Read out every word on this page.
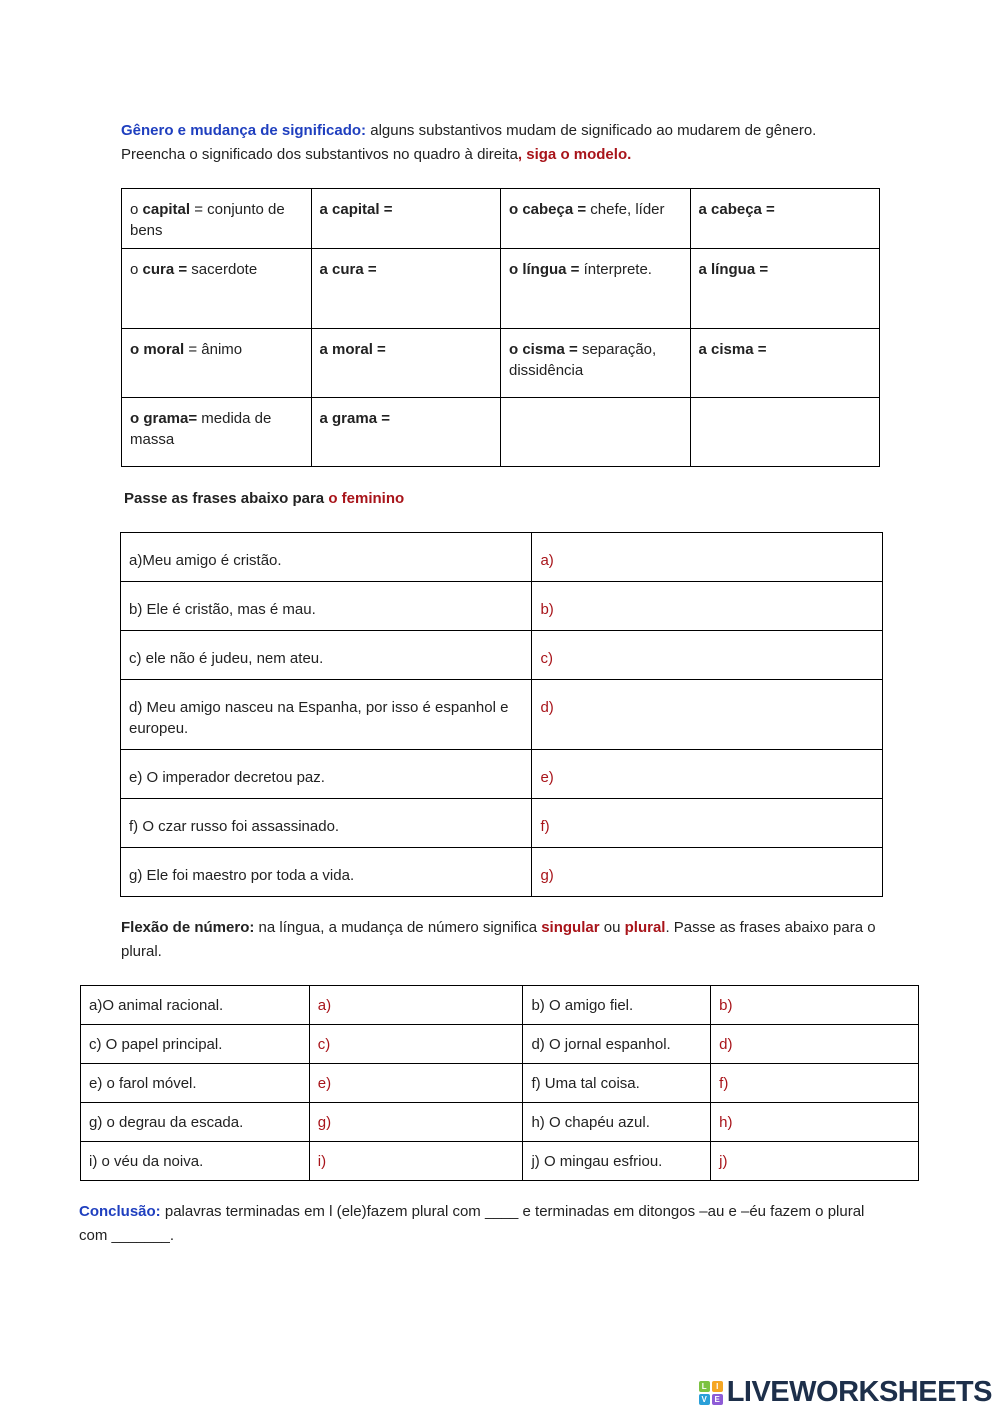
Gênero e mudança de significado: alguns substantivos mudam de significado ao mudarem de gênero. Preencha o significado dos substantivos no quadro à direita, siga o modelo.

o capital = conjunto de bens	a capital =	o cabeça = chefe, líder	a cabeça =
o cura = sacerdote	a cura =	o língua = ínterprete.	a língua =
o moral = ânimo	a moral =	o cisma = separação, dissidência	a cisma =
o grama= medida de massa	a grama =		

Passe as frases abaixo para o feminino

a)Meu amigo é cristão.	a)
b) Ele é cristão, mas é mau.	b)
c) ele não é judeu, nem ateu.	c)
d) Meu amigo nasceu na Espanha, por isso é espanhol e europeu.	d)
e) O imperador decretou paz.	e)
f) O czar russo foi assassinado.	f)
g) Ele foi maestro por toda a vida.	g)

Flexão de número: na língua, a mudança de número significa singular ou plural. Passe as frases abaixo para o plural.

a)O animal racional.	a)	b) O amigo fiel.	b)
c) O papel principal.	c)	d) O jornal espanhol.	d)
e) o farol móvel.	e)	f) Uma tal coisa.	f)
g) o degrau da escada.	g)	h) O chapéu azul.	h)
i) o véu da noiva.	i)	j) O mingau esfriou.	j)

Conclusão: palavras terminadas em l (ele)fazem plural com ____ e terminadas em ditongos –au e –éu fazem o plural com _______.

L	I
V E LIVEWORKSHEETS
